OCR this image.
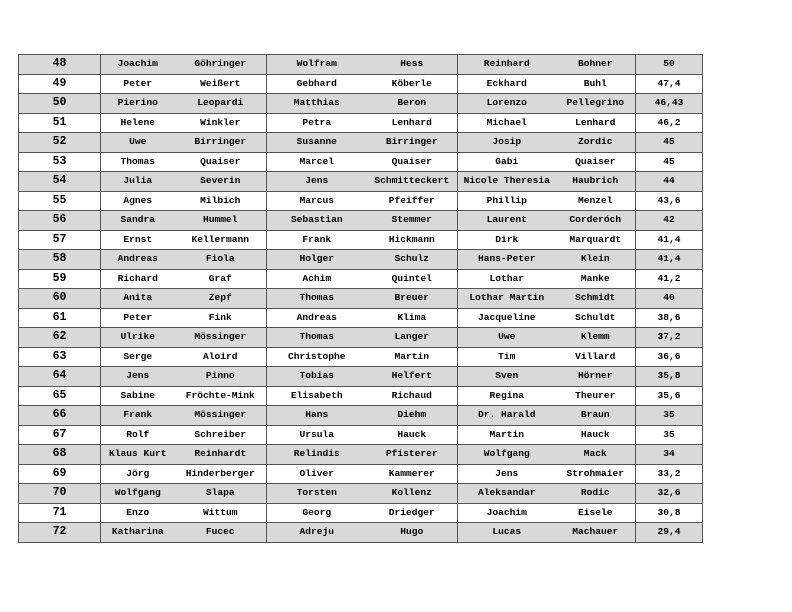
48	Joachim	Göhringer	Wolfram	Hess	Reinhard	Bohner	50
49	Peter	Weißert	Gebhard	Köberle	Eckhard	Buhl	47,4
50	Pierino	Leopardi	Matthias	Beron	Lorenzo	Pellegrino	46,43
51	Helene	Winkler	Petra	Lenhard	Michael	Lenhard	46,2
52	Uwe	Birringer	Susanne	Birringer	Josip	Zordic	45
53	Thomas	Quaiser	Marcel	Quaiser	Gabi	Quaiser	45
54	Julia	Severin	Jens	Schmitteckert	Nicole Theresia	Haubrich	44
55	Agnes	Milbich	Marcus	Pfeiffer	Phillip	Menzel	43,6
56	Sandra	Hummel	Sebastian	Stemmer	Laurent	Corderóch	42
57	Ernst	Kellermann	Frank	Hickmann	Dirk	Marquardt	41,4
58	Andreas	Fiola	Holger	Schulz	Hans-Peter	Klein	41,4
59	Richard	Graf	Achim	Quintel	Lothar	Manke	41,2
60	Anita	Zepf	Thomas	Breuer	Lothar Martin	Schmidt	40
61	Peter	Fink	Andreas	Klima	Jacqueline	Schuldt	38,6
62	Ulrike	Mössinger	Thomas	Langer	Uwe	Klemm	37,2
63	Serge	Aloird	Christophe	Martin	Tim	Villard	36,6
64	Jens	Pinno	Tobias	Helfert	Sven	Hörner	35,8
65	Sabine	Fröchte-Mink	Elisabeth	Richaud	Regina	Theurer	35,6
66	Frank	Mössinger	Hans	Diehm	Dr. Harald	Braun	35
67	Rolf	Schreiber	Ursula	Hauck	Martin	Hauck	35
68	Klaus Kurt	Reinhardt	Relindis	Pfisterer	Wolfgang	Mack	34
69	Jörg	Hinderberger	Oliver	Kammerer	Jens	Strohmaier	33,2
70	Wolfgang	Slapa	Torsten	Kollenz	Aleksandar	Rodic	32,6
71	Enzo	Wittum	Georg	Driedger	Joachim	Eisele	30,8
72	Katharina	Fucec	Adreju	Hugo	Lucas	Machauer	29,4
